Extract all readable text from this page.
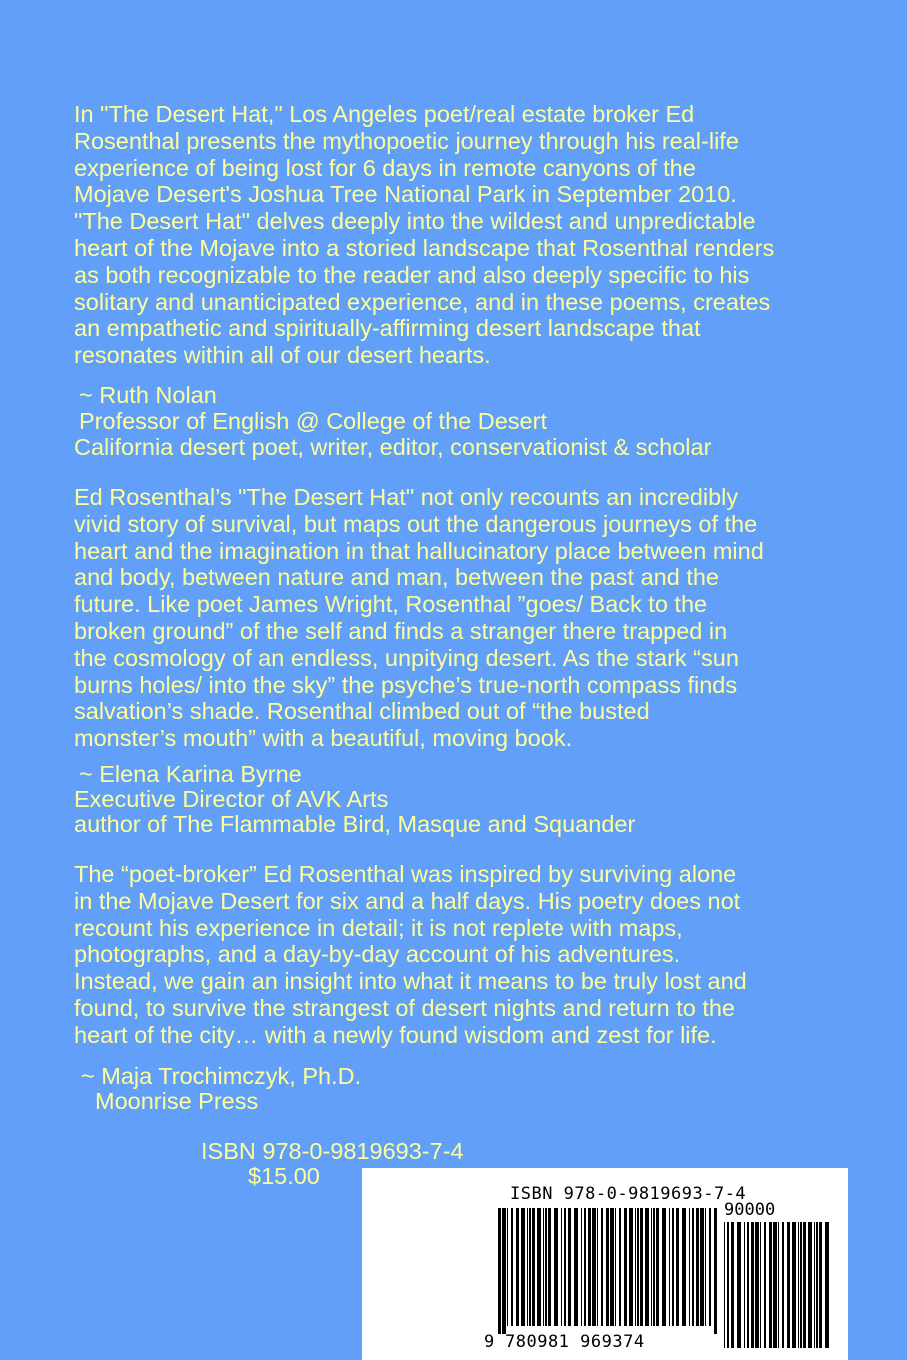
In "The Desert Hat," Los Angeles poet/real estate broker Ed
Rosenthal presents the mythopoetic journey through his real-life
experience of being lost for 6 days in remote canyons of the
Mojave Desert's Joshua Tree National Park in September 2010.
"The Desert Hat" delves deeply into the wildest and unpredictable
heart of the Mojave into a storied landscape that Rosenthal renders
as both recognizable to the reader and also deeply specific to his
solitary and unanticipated experience, and in these poems, creates
an empathetic and spiritually-affirming desert landscape that
resonates within all of our desert hearts.

~ Ruth Nolan

Professor of English @ College of the Desert

California desert poet, writer, editor, conservationist & scholar

Ed Rosenthal’s "The Desert Hat" not only recounts an incredibly
vivid story of survival, but maps out the dangerous journeys of the
heart and the imagination in that hallucinatory place between mind
and body, between nature and man, between the past and the
future. Like poet James Wright, Rosenthal ”goes/ Back to the
broken ground” of the self and finds a stranger there trapped in
the cosmology of an endless, unpitying desert. As the stark “sun
burns holes/ into the sky” the psyche’s true-north compass finds
salvation’s shade. Rosenthal climbed out of “the busted
monster’s mouth” with a beautiful, moving book.

~ Elena Karina Byrne

Executive Director of AVK Arts

author of The Flammable Bird, Masque and Squander

The “poet-broker” Ed Rosenthal was inspired by surviving alone
in the Mojave Desert for six and a half days. His poetry does not
recount his experience in detail; it is not replete with maps,
photographs, and a day-by-day account of his adventures.
Instead, we gain an insight into what it means to be truly lost and
found, to survive the strangest of desert nights and return to the
heart of the city… with a newly found wisdom and zest for life.

~ Maja Trochimczyk, Ph.D.

Moonrise Press

ISBN 978-0-9819693-7-4

$15.00

ISBN 978-0-9819693-7-4
90000
9 780981 969374
